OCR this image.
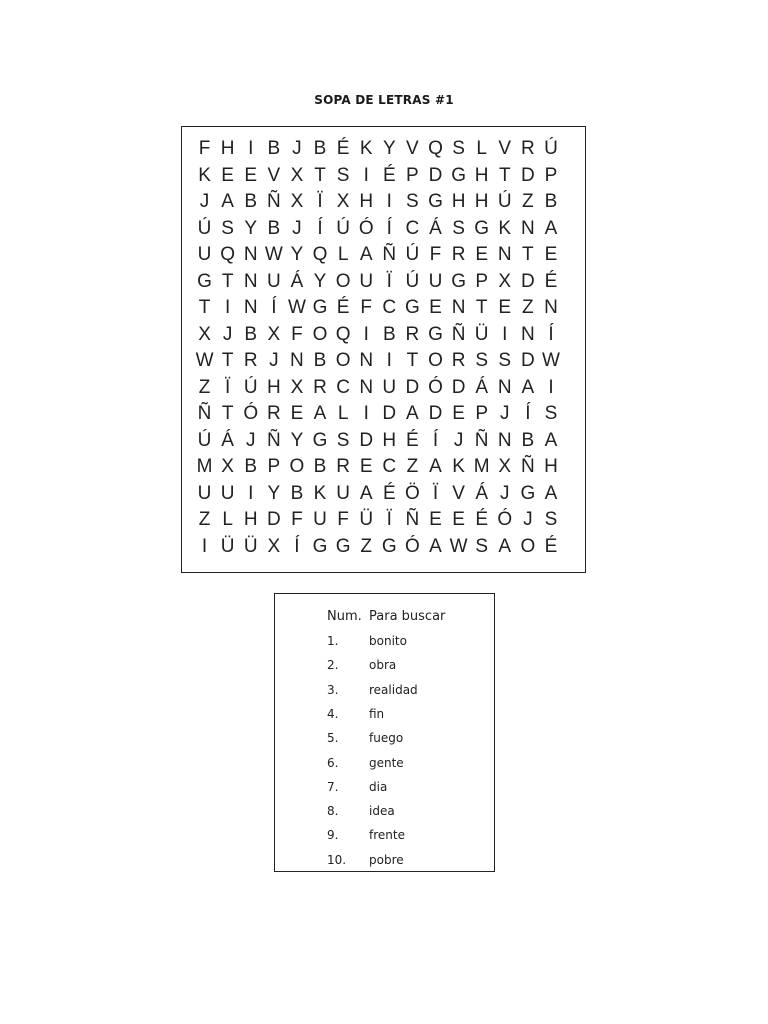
SOPA DE LETRAS #1
F H I B J B É K Y V Q S L V R Ú
K E E V X T S I É P D G H T D P
J A B Ñ X Ï X H I S G H H Ú Z B
Ú S Y B J Í Ú Ó Í C Á S G K N A
U Q N W Y Q L A Ñ Ú F R E N T E
G T N U Á Y O U Ï Ú U G P X D É
T I N Í W G É F C G E N T E Z N
X J B X F O Q I B R G Ñ Ü I N Í
W T R J N B O N I T O R S S D W
Z Ï Ú H X R C N U D Ó D Á N A I
Ñ T Ó R E A L I D A D E P J Í S
Ú Á J Ñ Y G S D H É Í J Ñ N B A
M X B P O B R E C Z A K M X Ñ H
U U I Y B K U A É Ö Ï V Á J G A
Z L H D F U F Ü Ï Ñ E E É Ó J S
I Ü Ü X Í G G Z G Ó A W S A O É
Num. Para buscar
1.	bonito
2.	obra
3.	realidad
4.	fin
5.	fuego
6.	gente
7.	dia
8.	idea
9.	frente
10.	pobre
